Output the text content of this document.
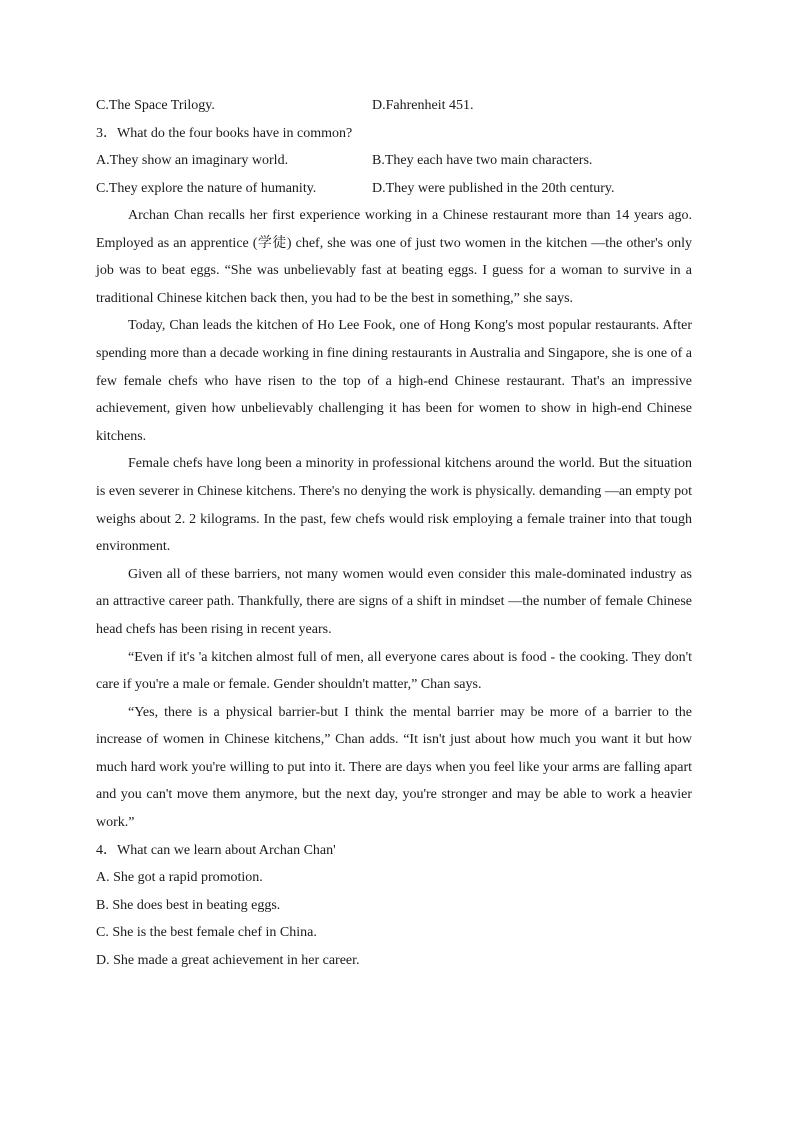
C.The Space Trilogy.	D.Fahrenheit 451.
3．What do the four books have in common?
A.They show an imaginary world.	B.They each have two main characters.
C.They explore the nature of humanity.	D.They were published in the 20th century.

Archan Chan recalls her first experience working in a Chinese restaurant more than 14 years ago. Employed as an apprentice (学徒) chef, she was one of just two women in the kitchen —the other's only job was to beat eggs. “She was unbelievably fast at beating eggs. I guess for a woman to survive in a traditional Chinese kitchen back then, you had to be the best in something,” she says.

Today, Chan leads the kitchen of Ho Lee Fook, one of Hong Kong's most popular restaurants. After spending more than a decade working in fine dining restaurants in Australia and Singapore, she is one of a few female chefs who have risen to the top of a high-end Chinese restaurant. That's an impressive achievement, given how unbelievably challenging it has been for women to show in high-end Chinese kitchens.

Female chefs have long been a minority in professional kitchens around the world. But the situation is even severer in Chinese kitchens. There's no denying the work is physically. demanding —an empty pot weighs about 2. 2 kilograms. In the past, few chefs would risk employing a female trainer into that tough environment.

Given all of these barriers, not many women would even consider this male-dominated industry as an attractive career path. Thankfully, there are signs of a shift in mindset —the number of female Chinese head chefs has been rising in recent years.

“Even if it's 'a kitchen almost full of men, all everyone cares about is food - the cooking. They don't care if you're a male or female. Gender shouldn't matter,” Chan says.

“Yes, there is a physical barrier-but I think the mental barrier may be more of a barrier to the increase of women in Chinese kitchens,” Chan adds. “It isn't just about how much you want it but how much hard work you're willing to put into it. There are days when you feel like your arms are falling apart and you can't move them anymore, but the next day, you're stronger and may be able to work a heavier work.”

4．What can we learn about Archan Chan'
A. She got a rapid promotion.
B. She does best in beating eggs.
C. She is the best female chef in China.
D. She made a great achievement in her career.
